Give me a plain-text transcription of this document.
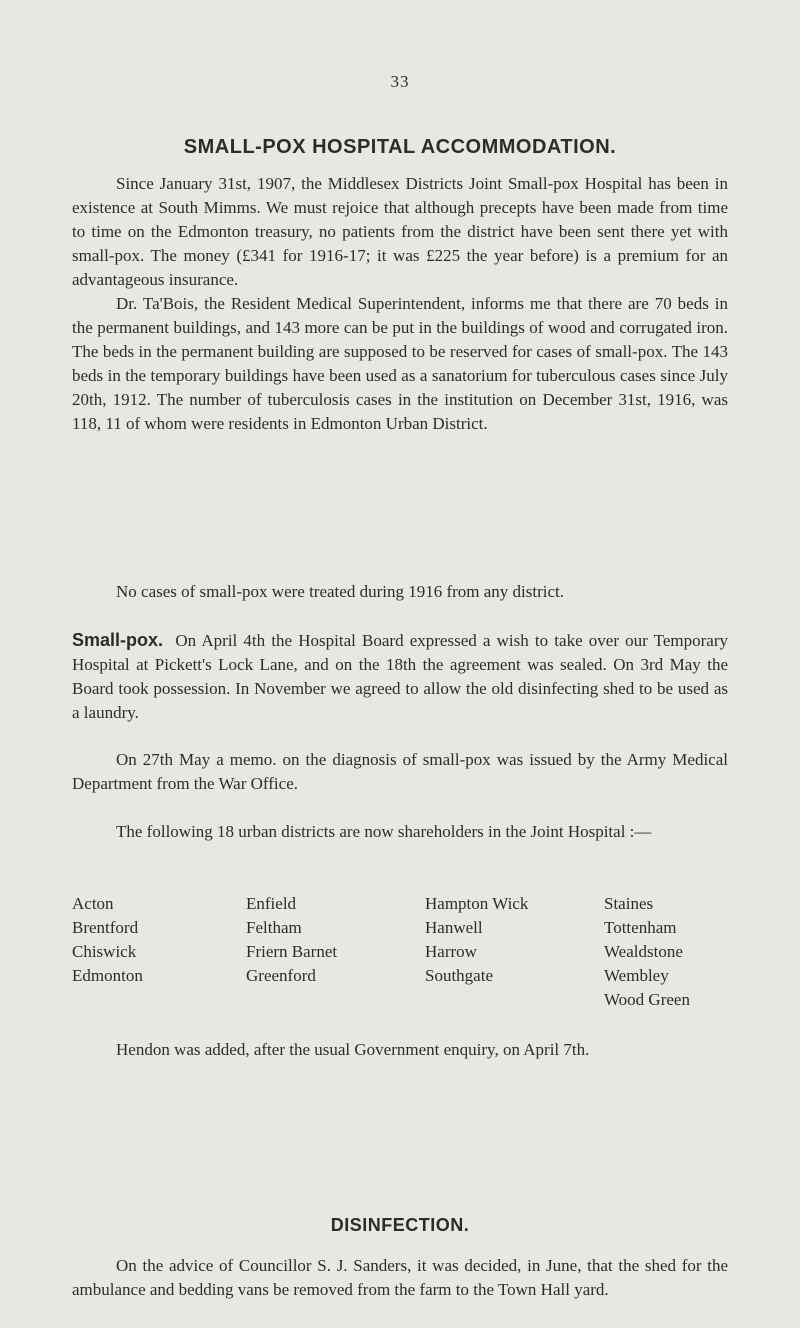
33
SMALL-POX HOSPITAL ACCOMMODATION.

Since January 31st, 1907, the Middlesex Districts Joint Small-pox Hospital has been in existence at South Mimms. We must rejoice that although precepts have been made from time to time on the Edmonton treasury, no patients from the district have been sent there yet with small-pox. The money (£341 for 1916-17; it was £225 the year before) is a premium for an advantageous insurance.

Dr. Ta'Bois, the Resident Medical Superintendent, informs me that there are 70 beds in the permanent buildings, and 143 more can be put in the buildings of wood and corrugated iron. The beds in the permanent building are supposed to be reserved for cases of small-pox. The 143 beds in the temporary buildings have been used as a sanatorium for tuberculous cases since July 20th, 1912. The number of tuberculosis cases in the institution on December 31st, 1916, was 118, 11 of whom were residents in Edmonton Urban District.

No cases of small-pox were treated during 1916 from any district.

Small-pox. On April 4th the Hospital Board expressed a wish to take over our Temporary Hospital at Pickett's Lock Lane, and on the 18th the agreement was sealed. On 3rd May the Board took possession. In November we agreed to allow the old disinfecting shed to be used as a laundry.

On 27th May a memo. on the diagnosis of small-pox was issued by the Army Medical Department from the War Office.

The following 18 urban districts are now shareholders in the Joint Hospital :—

Acton
Brentford
Chiswick
Edmonton
Enfield
Feltham
Friern Barnet
Greenford
Hampton Wick
Hanwell
Harrow
Southgate
Staines
Tottenham
Wealdstone
Wembley
Wood Green

Hendon was added, after the usual Government enquiry, on April 7th.

DISINFECTION.

On the advice of Councillor S. J. Sanders, it was decided, in June, that the shed for the ambulance and bedding vans be removed from the farm to the Town Hall yard.
